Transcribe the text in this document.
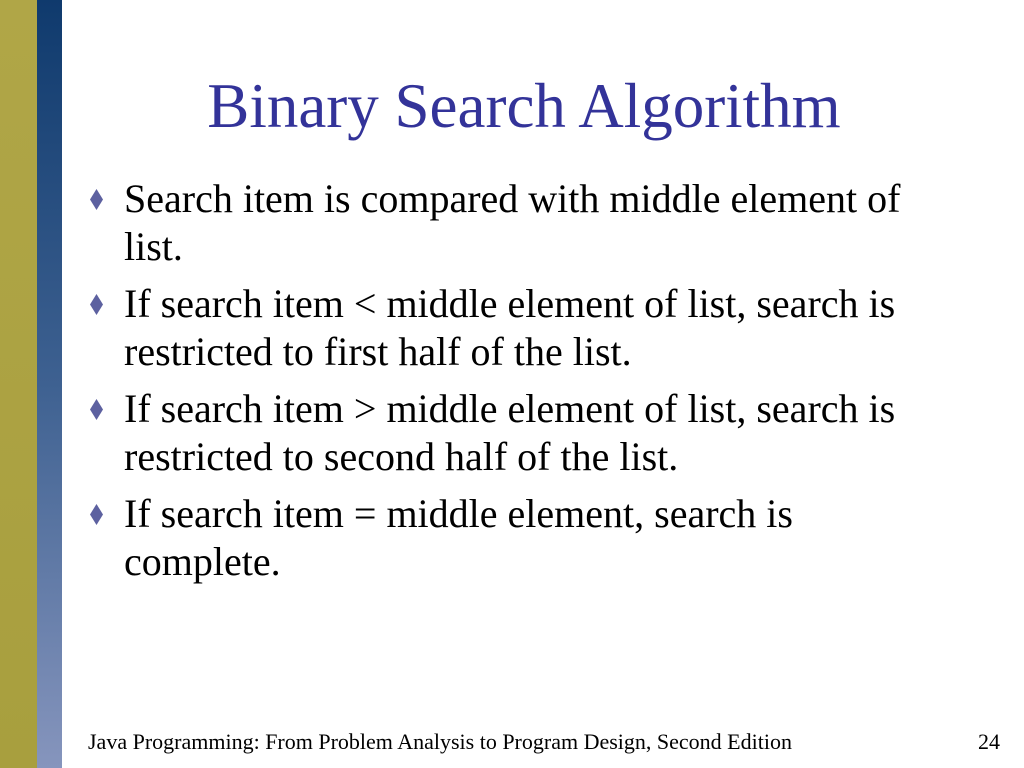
Binary Search Algorithm
Search item is compared with middle element of list.
If search item < middle element of list, search is restricted to first half of the list.
If search item > middle element of list, search is restricted to second half of the list.
If search item = middle element, search is complete.
Java Programming: From Problem Analysis to Program Design, Second Edition	24
